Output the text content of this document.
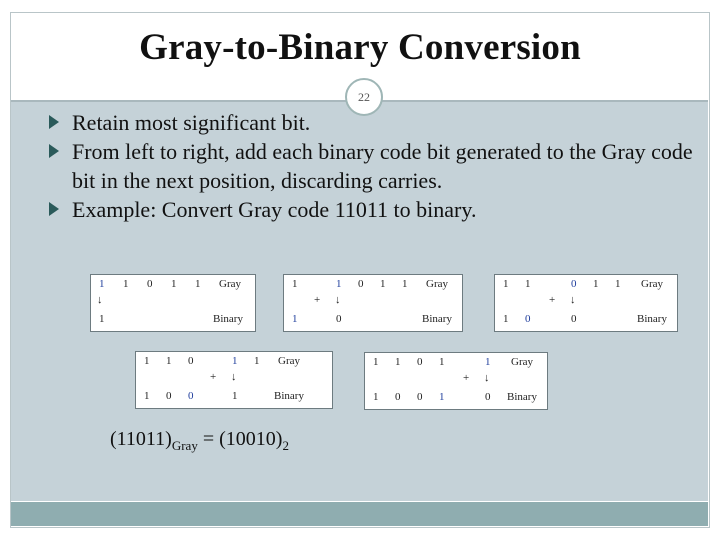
Gray-to-Binary Conversion
22
Retain most significant bit.
From left to right, add each binary code bit generated to the Gray code bit in the next position, discarding carries.
Example: Convert Gray code 11011 to binary.
1 1 0 1 1 Gray
↓
1	Binary
1	1 0 1 1 Gray
+ ↓
1	0	Binary
1 1	0 1 1 Gray
+ ↓
1 0	0	Binary
1 1 0	1 1 Gray
+ ↓
1 0 0	1	Binary
1 1 0 1	1 Gray
+ ↓
1 0 0 1	0 Binary
$(11011)_{Gray} = (10010)_2$
